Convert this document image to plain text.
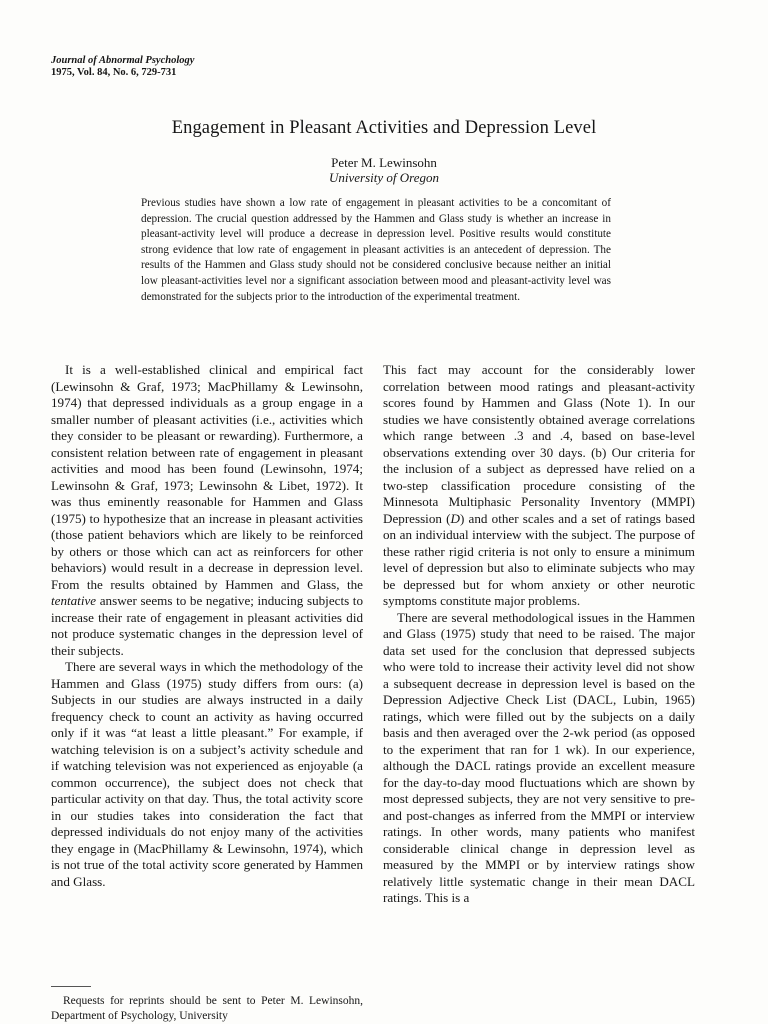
Journal of Abnormal Psychology
1975, Vol. 84, No. 6, 729-731
Engagement in Pleasant Activities and Depression Level
Peter M. Lewinsohn
University of Oregon
Previous studies have shown a low rate of engagement in pleasant activities to be a concomitant of depression. The crucial question addressed by the Hammen and Glass study is whether an increase in pleasant-activity level will produce a decrease in depression level. Positive results would constitute strong evidence that low rate of engagement in pleasant activities is an antecedent of depression. The results of the Hammen and Glass study should not be considered conclusive because neither an initial low pleasant-activities level nor a significant association between mood and pleasant-activity level was demonstrated for the subjects prior to the introduction of the experimental treatment.

It is a well-established clinical and empirical fact (Lewinsohn & Graf, 1973; MacPhillamy & Lewinsohn, 1974) that depressed individuals as a group engage in a smaller number of pleasant activities (i.e., activities which they consider to be pleasant or rewarding). Furthermore, a consistent relation between rate of engagement in pleasant activities and mood has been found (Lewinsohn, 1974; Lewinsohn & Graf, 1973; Lewinsohn & Libet, 1972). It was thus eminently reasonable for Hammen and Glass (1975) to hypothesize that an increase in pleasant activities (those patient behaviors which are likely to be reinforced by others or those which can act as reinforcers for other behaviors) would result in a decrease in depression level. From the results obtained by Hammen and Glass, the tentative answer seems to be negative; inducing subjects to increase their rate of engagement in pleasant activities did not produce systematic changes in the depression level of their subjects.

There are several ways in which the methodology of the Hammen and Glass (1975) study differs from ours: (a) Subjects in our studies are always instructed in a daily frequency check to count an activity as having occurred only if it was “at least a little pleasant.” For example, if watching television is on a subject’s activity schedule and if watching television was not experienced as enjoyable (a common occurrence), the subject does not check that particular activity on that day. Thus, the total activity score in our studies takes into consideration the fact that depressed individuals do not enjoy many of the activities they engage in (MacPhillamy & Lewinsohn, 1974), which is not true of the total activity score generated by Hammen and Glass.

This fact may account for the considerably lower correlation between mood ratings and pleasant-activity scores found by Hammen and Glass (Note 1). In our studies we have consistently obtained average correlations which range between .3 and .4, based on base-level observations extending over 30 days. (b) Our criteria for the inclusion of a subject as depressed have relied on a two-step classification procedure consisting of the Minnesota Multiphasic Personality Inventory (MMPI) Depression (D) and other scales and a set of ratings based on an individual interview with the subject. The purpose of these rather rigid criteria is not only to ensure a minimum level of depression but also to eliminate subjects who may be depressed but for whom anxiety or other neurotic symptoms constitute major problems.

There are several methodological issues in the Hammen and Glass (1975) study that need to be raised. The major data set used for the conclusion that depressed subjects who were told to increase their activity level did not show a subsequent decrease in depression level is based on the Depression Adjective Check List (DACL, Lubin, 1965) ratings, which were filled out by the subjects on a daily basis and then averaged over the 2-wk period (as opposed to the experiment that ran for 1 wk). In our experience, although the DACL ratings provide an excellent measure for the day-to-day mood fluctuations which are shown by most depressed subjects, they are not very sensitive to pre- and post-changes as inferred from the MMPI or interview ratings. In other words, many patients who manifest considerable clinical change in depression level as measured by the MMPI or by interview ratings show relatively little systematic change in their mean DACL ratings. This is a

Requests for reprints should be sent to Peter M. Lewinsohn, Department of Psychology, University
